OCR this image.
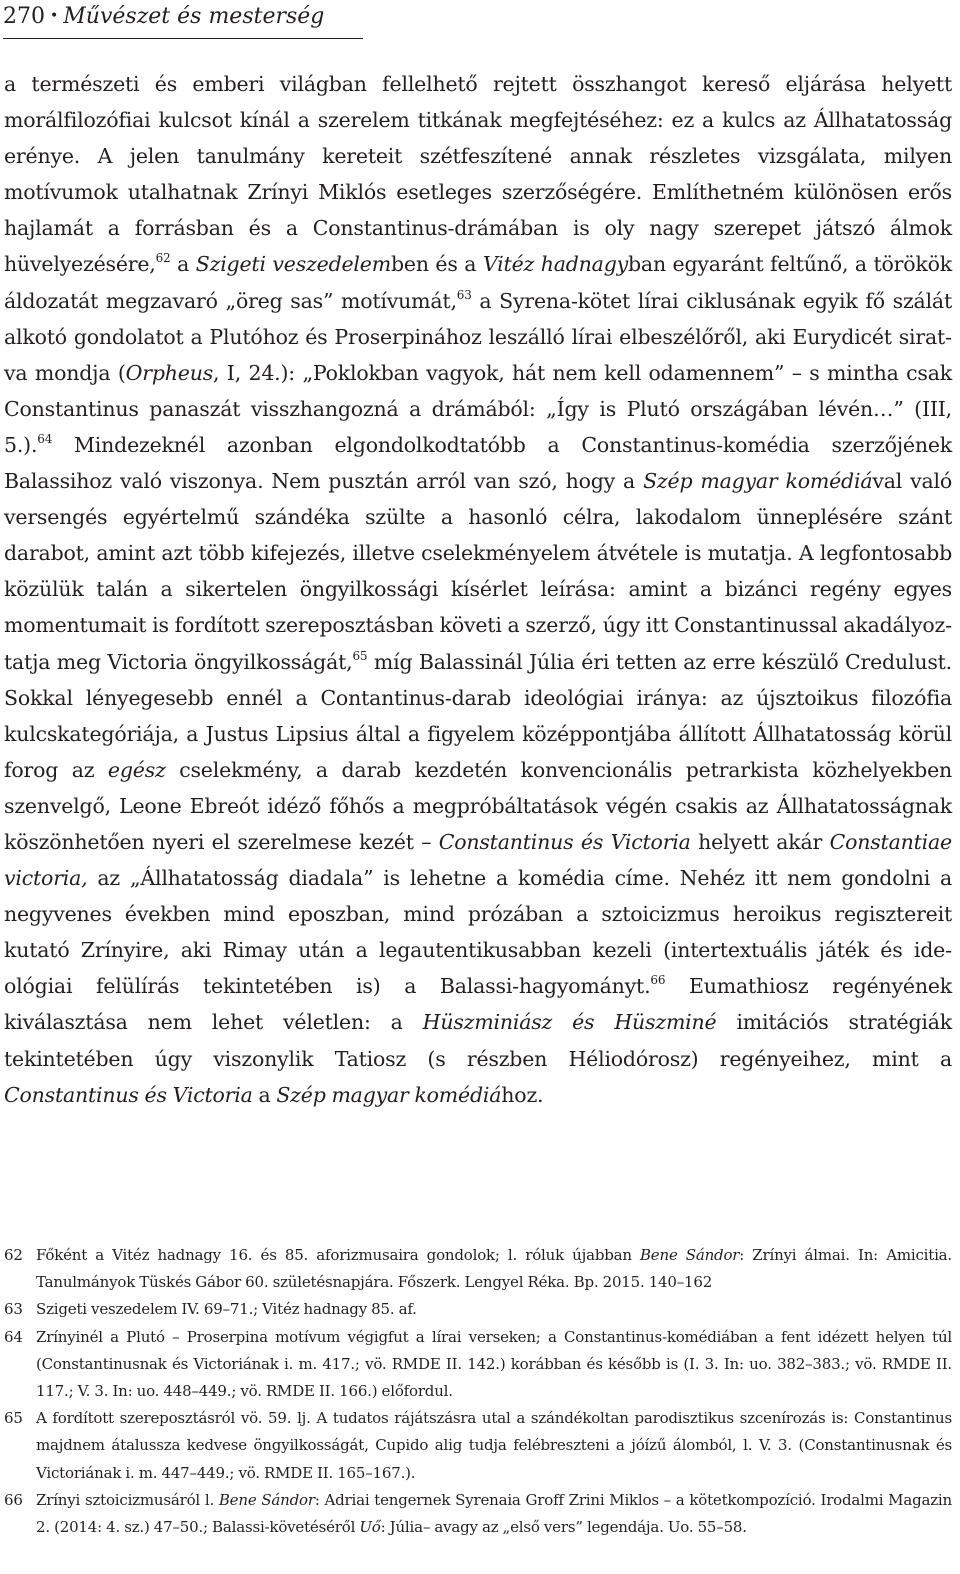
270 • Művészet és mesterség

a természeti és emberi világban fellelhető rejtett összhangot kereső eljárása helyett morálfilozófiai kulcsot kínál a szerelem titkának megfejtéséhez: ez a kulcs az Állhatatosság erénye. A jelen tanulmány kereteit szétfeszítené annak részletes vizsgálata, milyen motívumok utalhatnak Zrínyi Miklós esetleges szerzőségére. Említhetném különösen erős hajlamát a forrásban és a Constantinus-drámában is oly nagy szerepet játszó álmok hüvelyezésére,$^{62}$ a Szigeti veszedelemben és a Vitéz hadnagyban egyaránt feltűnő, a törökök áldozatát megzavaró „öreg sas” motívumát,$^{63}$ a Syrena-kötet lírai ciklusának egyik fő szálát alkotó gondolatot a Plutóhoz és Proserpinához leszálló lírai elbeszélőről, aki Eurydicét siratva mondja (Orpheus, I, 24.): „Poklokban vagyok, hát nem kell odamennem” – s mintha csak Constantinus panaszát visszhangozná a drámából: „Így is Plutó országában lévén…” (III, 5.).$^{64}$ Mindezeknél azonban elgondolkodtatóbb a Constantinus-komédia szerzőjének Balassihoz való viszonya. Nem pusztán arról van szó, hogy a Szép magyar komédiával való versengés egyértelmű szándéka szülte a hasonló célra, lakodalom ünneplésére szánt darabot, amint azt több kifejezés, illetve cselekményelem átvétele is mutatja. A legfontosabb közülük talán a sikertelen öngyilkossági kísérlet leírása: amint a bizánci regény egyes momentumait is fordított szereposztásban követi a szerző, úgy itt Constantinussal akadályoztatja meg Victoria öngyilkosságát,$^{65}$ míg Balassinál Júlia éri tetten az erre készülő Credulust. Sokkal lényegesebb ennél a Contantinus-darab ideológiai iránya: az újsztoikus filozófia kulcskategóriája, a Justus Lipsius által a figyelem középpontjába állított Állhatatosság körül forog az egész cselekmény, a darab kezdetén konvencionális petrarkista közhelyekben szenvelgő, Leone Ebreót idéző főhős a megpróbáltatások végén csakis az Állhatatosságnak köszönhetően nyeri el szerelmese kezét – Constantinus és Victoria helyett akár Constantiae victoria, az „Állhatatosság diadala” is lehetne a komédia címe. Nehéz itt nem gondolni a negyvenes években mind eposzban, mind prózában a sztoicizmus heroikus regisztereit kutató Zrínyire, aki Rimay után a legautentikusabban kezeli (intertextuális játék és ideológiai felülírás tekintetében is) a Balassi-hagyományt.$^{66}$ Eumathiosz regényének kiválasztása nem lehet véletlen: a Hüszminiász és Hüszminé imitációs stratégiák tekintetében úgy viszonylik Tatiosz (s részben Héliodórosz) regényeihez, mint a Constantinus és Victoria a Szép magyar komédiához.

62 Főként a Vitéz hadnagy 16. és 85. aforizmusaira gondolok; l. róluk újabban Bene Sándor: Zrínyi álmai. In: Amicitia. Tanulmányok Tüskés Gábor 60. születésnapjára. Főszerk. Lengyel Réka. Bp. 2015. 140–162
63 Szigeti veszedelem IV. 69–71.; Vitéz hadnagy 85. af.
64 Zrínyinél a Plutó – Proserpina motívum végigfut a lírai verseken; a Constantinus-komédiában a fent idézett helyen túl (Constantinusnak és Victoriának i. m. 417.; vö. RMDE II. 142.) korábban és később is (I. 3. In: uo. 382–383.; vö. RMDE II. 117.; V. 3. In: uo. 448–449.; vö. RMDE II. 166.) előfordul.
65 A fordított szereposztásról vö. 59. lj. A tudatos rájátszásra utal a szándékoltan parodisztikus szcenírozás is: Constantinus majdnem átalussza kedvese öngyilkosságát, Cupido alig tudja felébreszteni a jóízű álomból, l. V. 3. (Constantinusnak és Victoriának i. m. 447–449.; vö. RMDE II. 165–167.).
66 Zrínyi sztoicizmusáról l. Bene Sándor: Adriai tengernek Syrenaia Groff Zrini Miklos – a kötetkompozíció. Irodalmi Magazin 2. (2014: 4. sz.) 47–50.; Balassi-követéséről Uő: Júlia– avagy az „első vers” legendája. Uo. 55–58.
